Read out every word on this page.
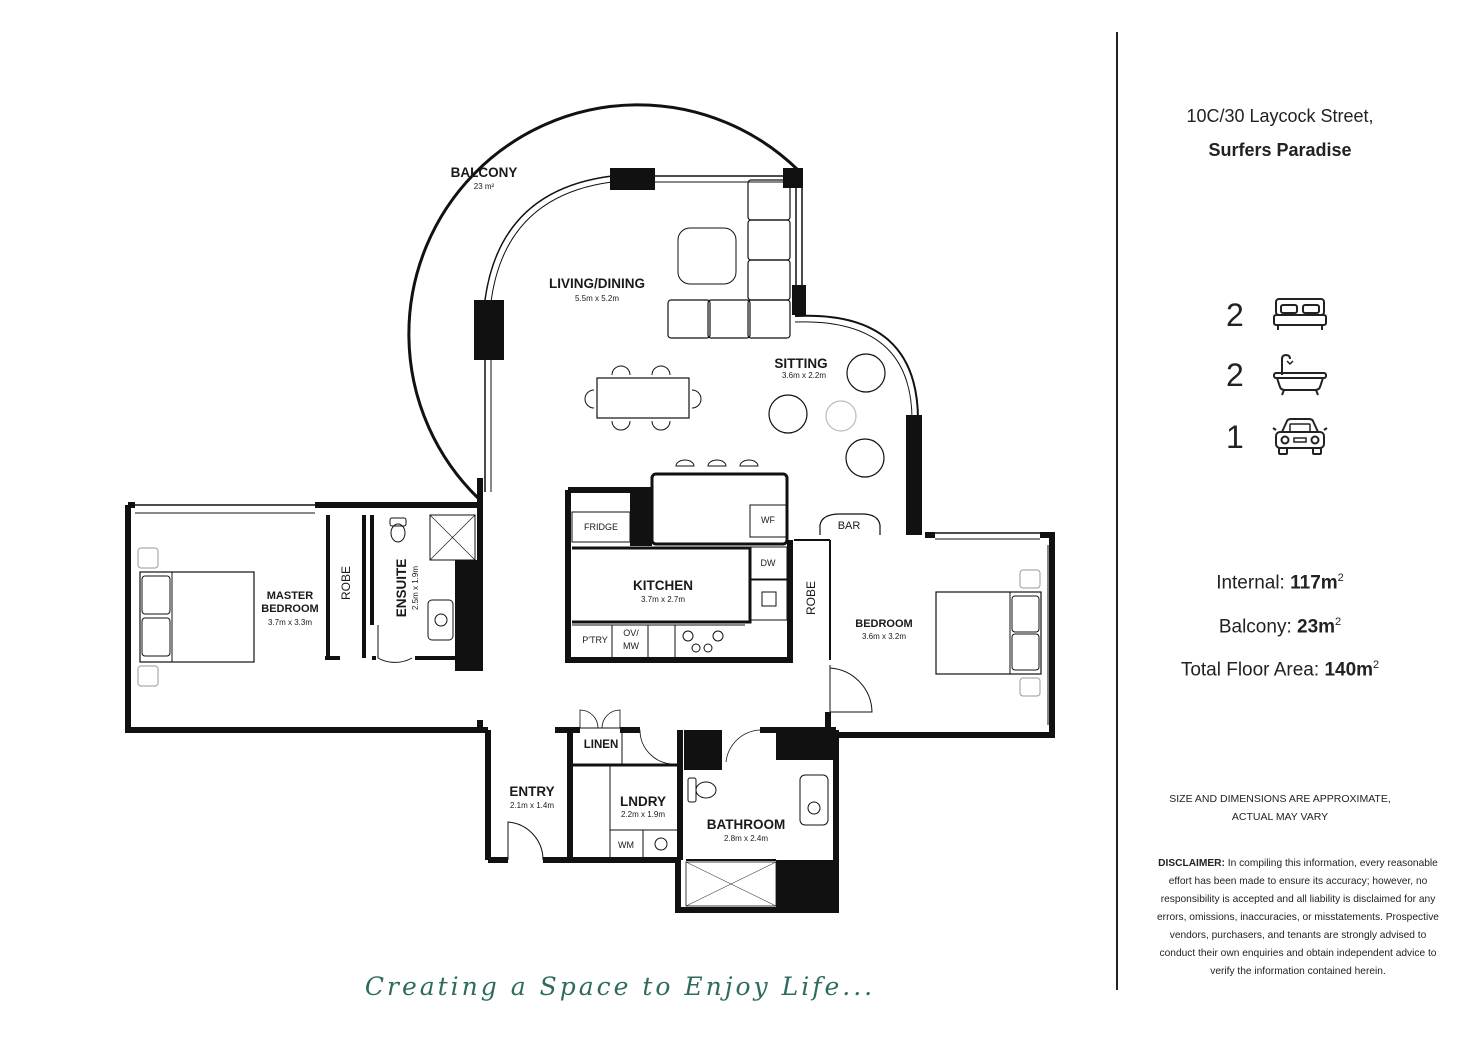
BALCONY
23 m²
LIVING/DINING
5.5m x 5.2m
SITTING
3.6m x 2.2m
MASTER
BEDROOM
3.7m x 3.3m
ENSUITE 2.5m x 1.9m
ROBE	KITCHEN
3.7m x 2.7m
FRIDGE
WF
DW
P'TRY
OV/
MW
BAR
ROBE
BEDROOM
3.6m x 3.2m
LINEN
ENTRY
2.1m x 1.4m	LNDRY
2.2m x 1.9m
WM
BATHROOM
2.8m x 2.4m
10C/30 Laycock Street,
Surfers Paradise
2
2
1
Internal: $117m^2$
Balcony: $23m^2$
Total Floor Area: $140m^2$
SIZE AND DIMENSIONS ARE APPROXIMATE,
ACTUAL MAY VARY
DISCLAIMER: In compiling this information, every reasonable effort has been made to ensure its accuracy; however, no responsibility is accepted and all liability is disclaimed for any errors, omissions, inaccuracies, or misstatements. Prospective vendors, purchasers, and tenants are strongly advised to conduct their own enquiries and obtain independent advice to verify the information contained herein.
Creating a Space to Enjoy Life...
